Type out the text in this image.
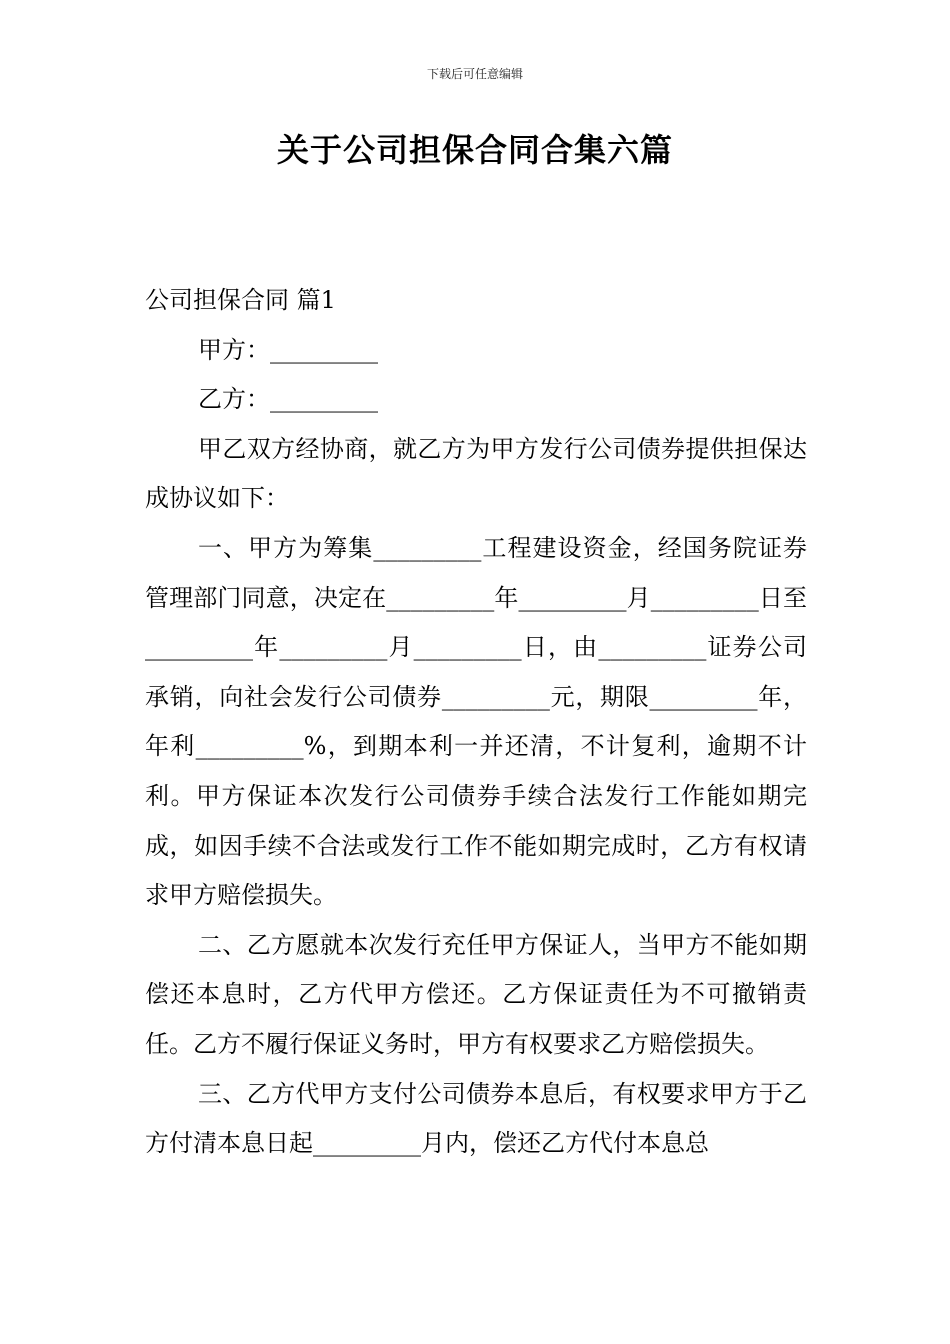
下载后可任意编辑
关于公司担保合同合集六篇

公司担保合同 篇1

甲方：_________

乙方：_________

甲乙双方经协商，就乙方为甲方发行公司债券提供担保达成协议如下：

一、甲方为筹集_________工程建设资金，经国务院证券管理部门同意，决定在_________年_________月_________日至_________年_________月_________日，由_________证券公司承销，向社会发行公司债券_________元，期限_________年，年利_________%，到期本利一并还清，不计复利，逾期不计利。甲方保证本次发行公司债券手续合法发行工作能如期完成，如因手续不合法或发行工作不能如期完成时，乙方有权请求甲方赔偿损失。

二、乙方愿就本次发行充任甲方保证人，当甲方不能如期偿还本息时，乙方代甲方偿还。乙方保证责任为不可撤销责任。乙方不履行保证义务时，甲方有权要求乙方赔偿损失。

三、乙方代甲方支付公司债券本息后，有权要求甲方于乙方付清本息日起_________月内，偿还乙方代付本息总
